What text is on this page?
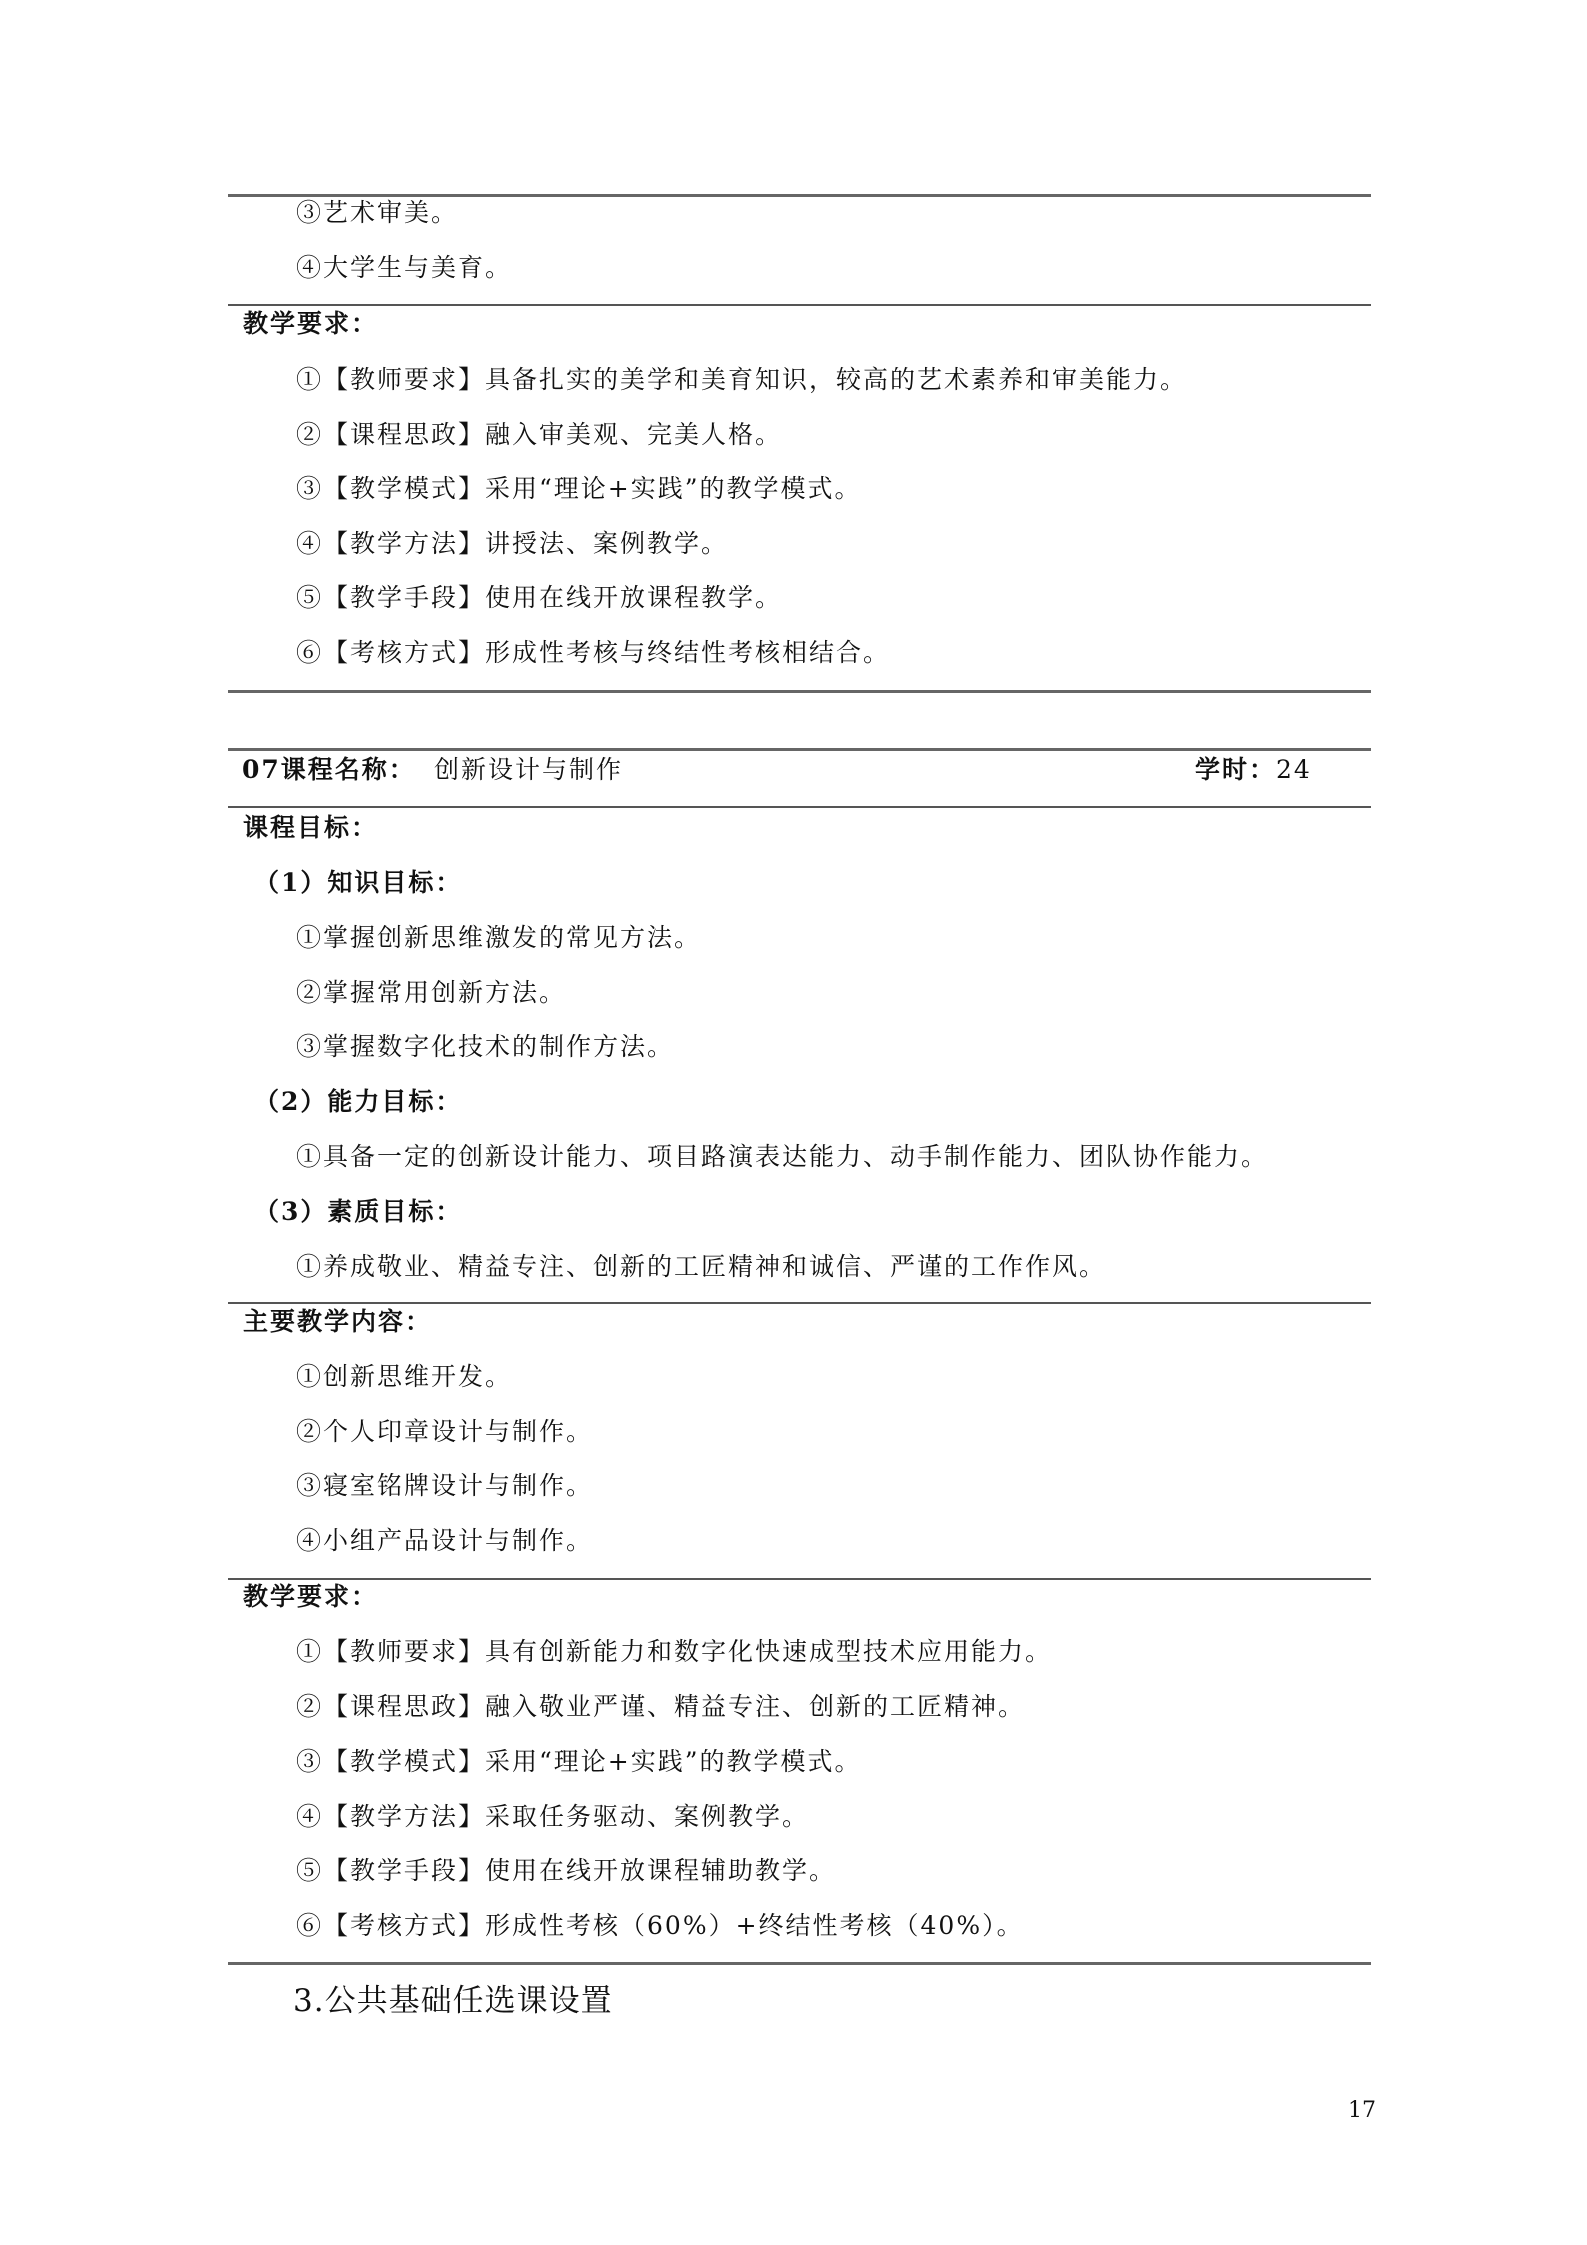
③艺术审美。
④大学生与美育。
教学要求：
①【教师要求】具备扎实的美学和美育知识，较高的艺术素养和审美能力。
②【课程思政】融入审美观、完美人格。
③【教学模式】采用“理论+实践”的教学模式。
④【教学方法】讲授法、案例教学。
⑤【教学手段】使用在线开放课程教学。
⑥【考核方式】形成性考核与终结性考核相结合。
07课程名称： 创新设计与制作	学时： 24
课程目标：
（1）知识目标：
①掌握创新思维激发的常见方法。
②掌握常用创新方法。
③掌握数字化技术的制作方法。
（2）能力目标：
①具备一定的创新设计能力、项目路演表达能力、动手制作能力、团队协作能力。
（3）素质目标：
①养成敬业、精益专注、创新的工匠精神和诚信、严谨的工作作风。
主要教学内容：
①创新思维开发。
②个人印章设计与制作。
③寝室铭牌设计与制作。
④小组产品设计与制作。
教学要求：
①【教师要求】具有创新能力和数字化快速成型技术应用能力。
②【课程思政】融入敬业严谨、精益专注、创新的工匠精神。
③【教学模式】采用“理论+实践”的教学模式。
④【教学方法】采取任务驱动、案例教学。
⑤【教学手段】使用在线开放课程辅助教学。
⑥【考核方式】形成性考核（60%）+终结性考核（40%）。
3.公共基础任选课设置
17
